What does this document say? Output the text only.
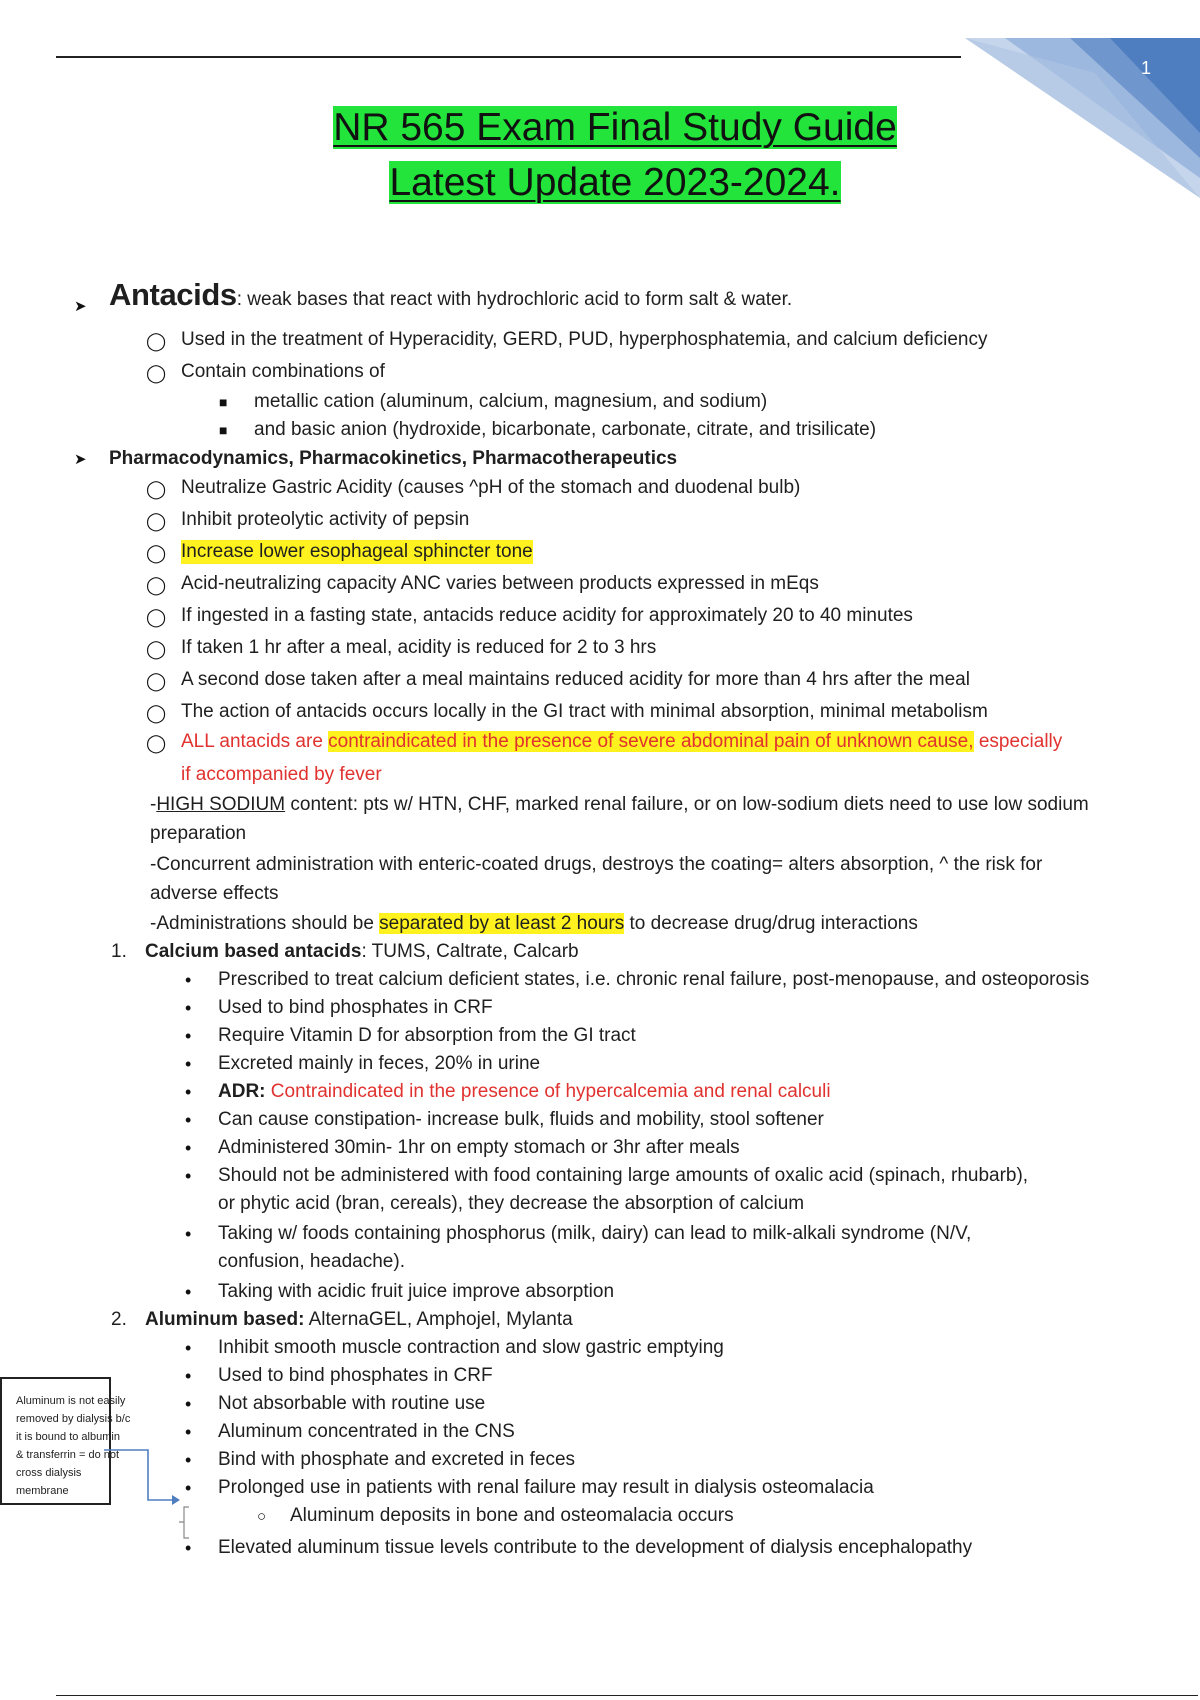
1
NR 565 Exam Final Study Guide
Latest Update 2023-2024.
➤ Antacids: weak bases that react with hydrochloric acid to form salt & water.
◯ Used in the treatment of Hyperacidity, GERD, PUD, hyperphosphatemia, and calcium deficiency
◯ Contain combinations of
■ metallic cation (aluminum, calcium, magnesium, and sodium)
■ and basic anion (hydroxide, bicarbonate, carbonate, citrate, and trisilicate)
➤ Pharmacodynamics, Pharmacokinetics, Pharmacotherapeutics
◯ Neutralize Gastric Acidity (causes ^pH of the stomach and duodenal bulb)
◯ Inhibit proteolytic activity of pepsin
◯ Increase lower esophageal sphincter tone
◯ Acid-neutralizing capacity ANC varies between products expressed in mEqs
◯ If ingested in a fasting state, antacids reduce acidity for approximately 20 to 40 minutes
◯ If taken 1 hr after a meal, acidity is reduced for 2 to 3 hrs
◯ A second dose taken after a meal maintains reduced acidity for more than 4 hrs after the meal
◯ The action of antacids occurs locally in the GI tract with minimal absorption, minimal metabolism
◯ ALL antacids are contraindicated in the presence of severe abdominal pain of unknown cause, especially
if accompanied by fever
-HIGH SODIUM content: pts w/ HTN, CHF, marked renal failure, or on low-sodium diets need to use low sodium
preparation
-Concurrent administration with enteric-coated drugs, destroys the coating= alters absorption, ^ the risk for
adverse effects
-Administrations should be separated by at least 2 hours to decrease drug/drug interactions
1. Calcium based antacids: TUMS, Caltrate, Calcarb
• Prescribed to treat calcium deficient states, i.e. chronic renal failure, post-menopause, and osteoporosis
• Used to bind phosphates in CRF
• Require Vitamin D for absorption from the GI tract
• Excreted mainly in feces, 20% in urine
• ADR: Contraindicated in the presence of hypercalcemia and renal calculi
• Can cause constipation- increase bulk, fluids and mobility, stool softener
• Administered 30min- 1hr on empty stomach or 3hr after meals
• Should not be administered with food containing large amounts of oxalic acid (spinach, rhubarb),
or phytic acid (bran, cereals), they decrease the absorption of calcium
• Taking w/ foods containing phosphorus (milk, dairy) can lead to milk-alkali syndrome (N/V,
confusion, headache).
• Taking with acidic fruit juice improve absorption
2. Aluminum based: AlternaGEL, Amphojel, Mylanta
• Inhibit smooth muscle contraction and slow gastric emptying
• Used to bind phosphates in CRF
• Not absorbable with routine use
• Aluminum concentrated in the CNS
• Bind with phosphate and excreted in feces
• Prolonged use in patients with renal failure may result in dialysis osteomalacia
○ Aluminum deposits in bone and osteomalacia occurs
• Elevated aluminum tissue levels contribute to the development of dialysis encephalopathy
Aluminum is not easily
removed by dialysis b/c
it is bound to albumin
& transferrin = do not
cross dialysis
membrane
